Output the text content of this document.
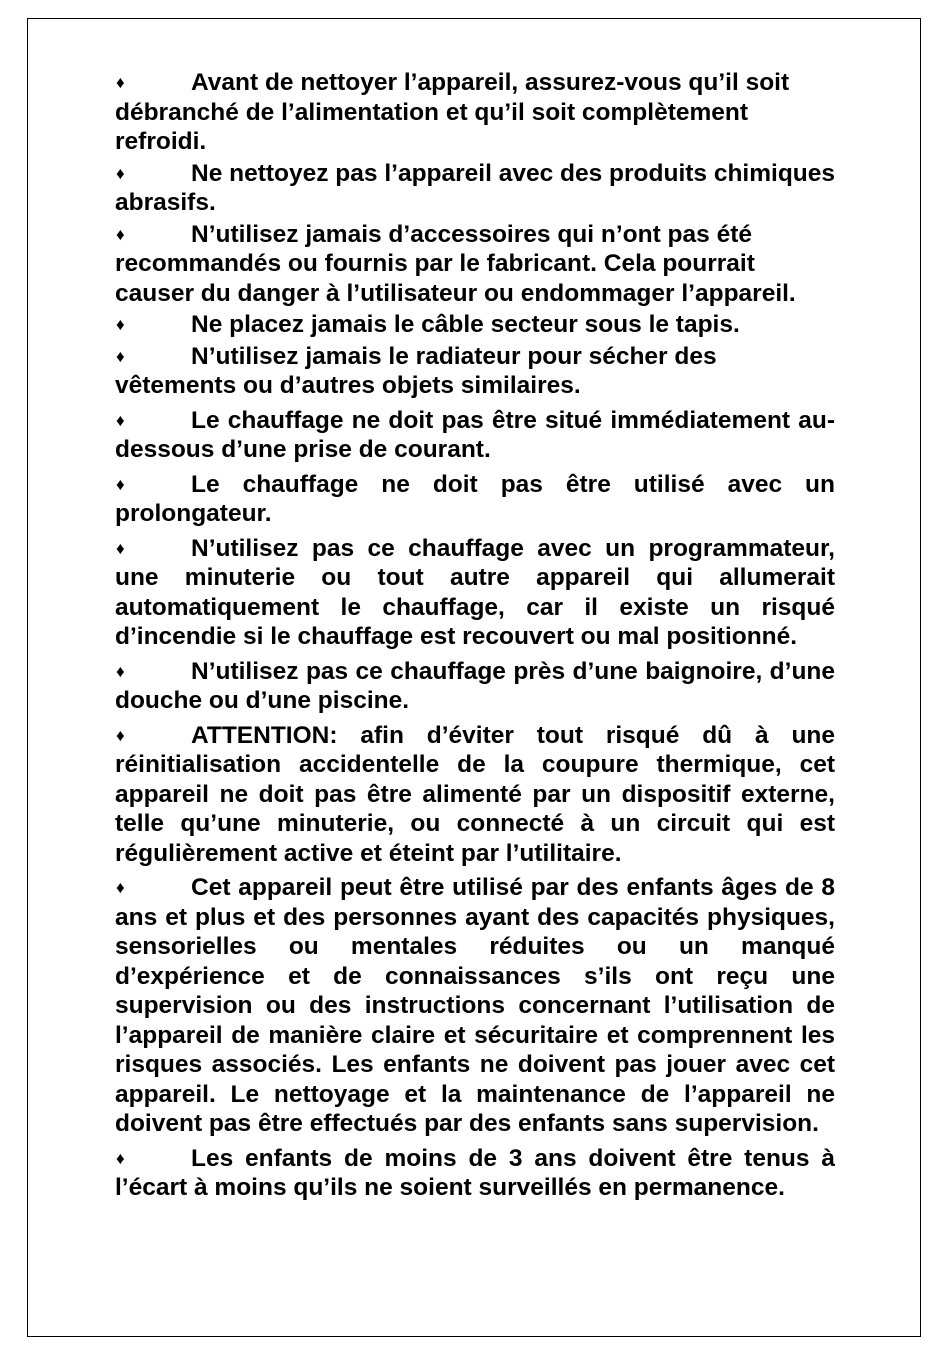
♦	Avant de nettoyer l’appareil, assurez-vous qu’il soit débranché de l’alimentation et qu’il soit complètement refroidi.

♦	Ne nettoyez pas l’appareil avec des produits chimiques abrasifs.

♦	N’utilisez jamais d’accessoires qui n’ont pas été recommandés ou fournis par le fabricant. Cela pourrait causer du danger à l’utilisateur ou endommager l’appareil.

♦	Ne placez jamais le câble secteur sous le tapis.

♦	N’utilisez jamais le radiateur pour sécher des vêtements ou d’autres objets similaires.

♦	Le chauffage ne doit pas être situé immédiatement au-dessous d’une prise de courant.

♦	Le chauffage ne doit pas être utilisé avec un prolongateur.

♦	N’utilisez pas ce chauffage avec un programmateur, une minuterie ou tout autre appareil qui allumerait automatiquement le chauffage, car il existe un risqué d’incendie si le chauffage est recouvert ou mal positionné.

♦	N’utilisez pas ce chauffage près d’une baignoire, d’une douche ou d’une piscine.

♦	ATTENTION: afin d’éviter tout risqué dû à une réinitialisation accidentelle de la coupure thermique, cet appareil ne doit pas être alimenté par un dispositif externe, telle qu’une minuterie, ou connecté à un circuit qui est régulièrement active et éteint par l’utilitaire.

♦	Cet appareil peut être utilisé par des enfants âges de 8 ans et plus et des personnes ayant des capacités physiques, sensorielles ou mentales réduites ou un manqué d’expérience et de connaissances s’ils ont reçu une supervision ou des instructions concernant l’utilisation de l’appareil de manière claire et sécuritaire et comprennent les risques associés. Les enfants ne doivent pas jouer avec cet appareil. Le nettoyage et la maintenance de l’appareil ne doivent pas être effectués par des enfants sans supervision.

♦	Les enfants de moins de 3 ans doivent être tenus à l’écart à moins qu’ils ne soient surveillés en permanence.
